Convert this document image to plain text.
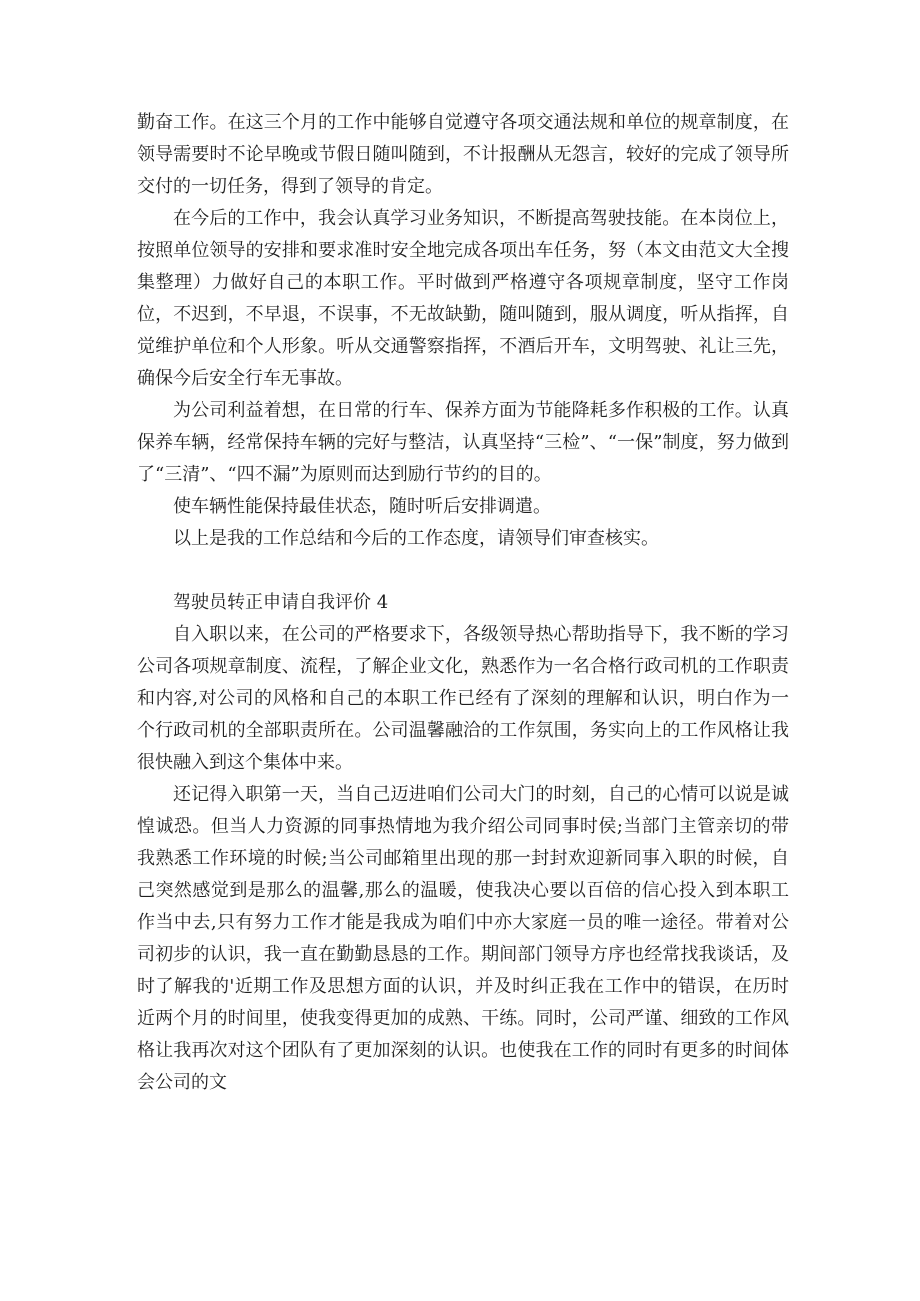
勤奋工作。在这三个月的工作中能够自觉遵守各项交通法规和单位的规章制度，在领导需要时不论早晚或节假日随叫随到，不计报酬从无怨言，较好的完成了领导所交付的一切任务，得到了领导的肯定。

在今后的工作中，我会认真学习业务知识，不断提高驾驶技能。在本岗位上，按照单位领导的安排和要求准时安全地完成各项出车任务，努（本文由范文大全搜集整理）力做好自己的本职工作。平时做到严格遵守各项规章制度，坚守工作岗位，不迟到，不早退，不误事，不无故缺勤，随叫随到，服从调度，听从指挥，自觉维护单位和个人形象。听从交通警察指挥，不酒后开车，文明驾驶、礼让三先，确保今后安全行车无事故。

为公司利益着想，在日常的行车、保养方面为节能降耗多作积极的工作。认真保养车辆，经常保持车辆的完好与整洁，认真坚持“三检”、“一保”制度，努力做到了“三清”、“四不漏”为原则而达到励行节约的目的。

使车辆性能保持最佳状态，随时听后安排调遣。

以上是我的工作总结和今后的工作态度，请领导们审查核实。

驾驶员转正申请自我评价 4

自入职以来，在公司的严格要求下，各级领导热心帮助指导下，我不断的学习公司各项规章制度、流程，了解企业文化，熟悉作为一名合格行政司机的工作职责和内容,对公司的风格和自己的本职工作已经有了深刻的理解和认识，明白作为一个行政司机的全部职责所在。公司温馨融洽的工作氛围，务实向上的工作风格让我很快融入到这个集体中来。

还记得入职第一天，当自己迈进咱们公司大门的时刻，自己的心情可以说是诚惶诚恐。但当人力资源的同事热情地为我介绍公司同事时侯;当部门主管亲切的带我熟悉工作环境的时候;当公司邮箱里出现的那一封封欢迎新同事入职的时候，自己突然感觉到是那么的温馨,那么的温暖，使我决心要以百倍的信心投入到本职工作当中去,只有努力工作才能是我成为咱们中亦大家庭一员的唯一途径。带着对公司初步的认识，我一直在勤勤恳恳的工作。期间部门领导方序也经常找我谈话，及时了解我的'近期工作及思想方面的认识，并及时纠正我在工作中的错误，在历时近两个月的时间里，使我变得更加的成熟、干练。同时，公司严谨、细致的工作风格让我再次对这个团队有了更加深刻的认识。也使我在工作的同时有更多的时间体会公司的文
